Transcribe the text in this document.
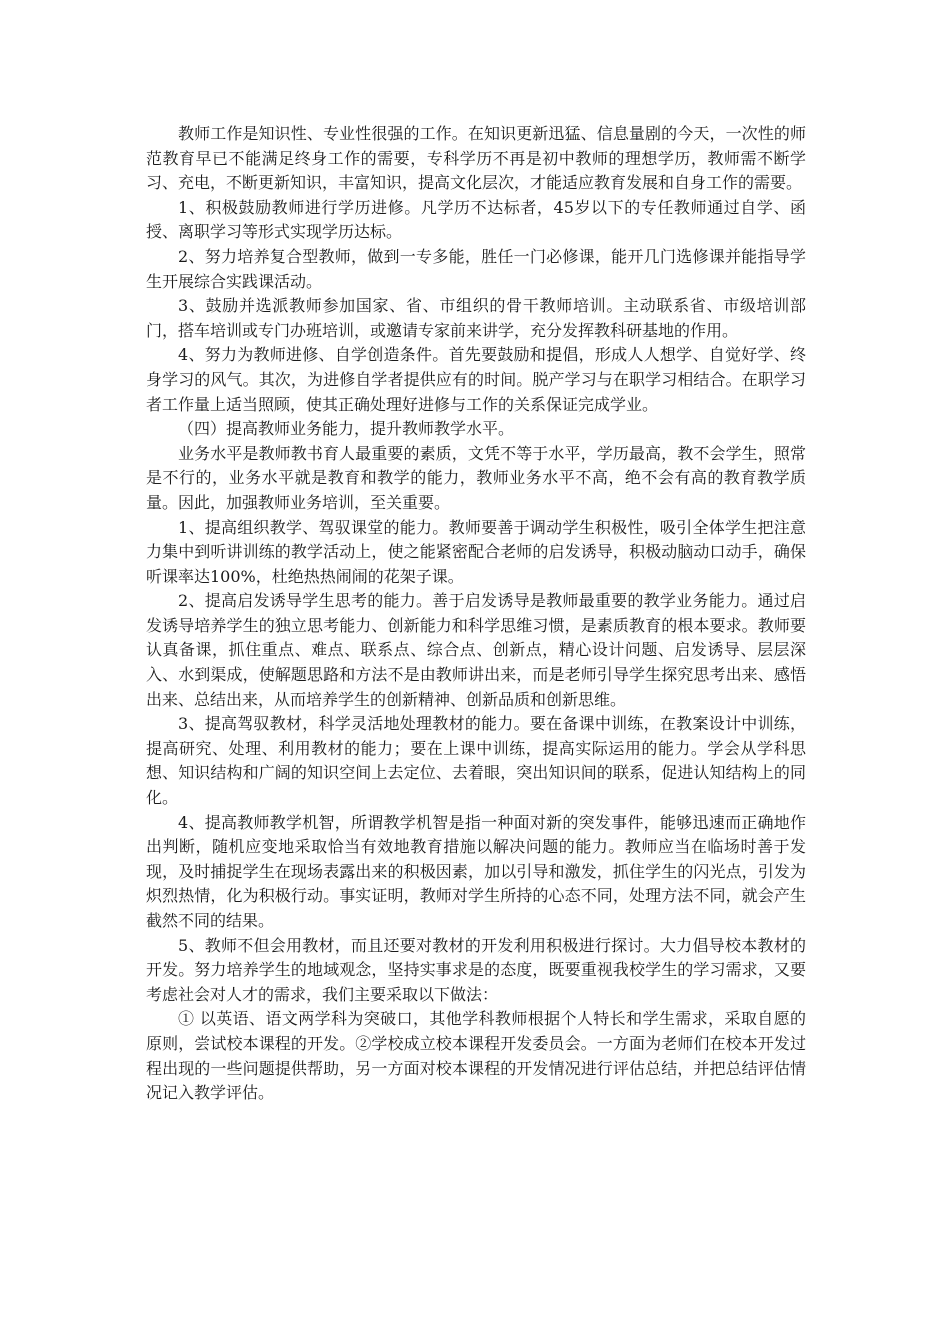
教师工作是知识性、专业性很强的工作。在知识更新迅猛、信息量剧的今天，一次性的师范教育早已不能满足终身工作的需要，专科学历不再是初中教师的理想学历，教师需不断学习、充电，不断更新知识，丰富知识，提高文化层次，才能适应教育发展和自身工作的需要。

1、积极鼓励教师进行学历进修。凡学历不达标者，45岁以下的专任教师通过自学、函授、离职学习等形式实现学历达标。

2、努力培养复合型教师，做到一专多能，胜任一门必修课，能开几门选修课并能指导学生开展综合实践课活动。

3、鼓励并选派教师参加国家、省、市组织的骨干教师培训。主动联系省、市级培训部门，搭车培训或专门办班培训，或邀请专家前来讲学，充分发挥教科研基地的作用。

4、努力为教师进修、自学创造条件。首先要鼓励和提倡，形成人人想学、自觉好学、终身学习的风气。其次，为进修自学者提供应有的时间。脱产学习与在职学习相结合。在职学习者工作量上适当照顾，使其正确处理好进修与工作的关系保证完成学业。

（四）提高教师业务能力，提升教师教学水平。

业务水平是教师教书育人最重要的素质，文凭不等于水平，学历最高，教不会学生，照常是不行的，业务水平就是教育和教学的能力，教师业务水平不高，绝不会有高的教育教学质量。因此，加强教师业务培训，至关重要。

1、提高组织教学、驾驭课堂的能力。教师要善于调动学生积极性，吸引全体学生把注意力集中到听讲训练的教学活动上，使之能紧密配合老师的启发诱导，积极动脑动口动手，确保听课率达100%，杜绝热热闹闹的花架子课。

2、提高启发诱导学生思考的能力。善于启发诱导是教师最重要的教学业务能力。通过启发诱导培养学生的独立思考能力、创新能力和科学思维习惯，是素质教育的根本要求。教师要认真备课，抓住重点、难点、联系点、综合点、创新点，精心设计问题、启发诱导、层层深入、水到渠成，使解题思路和方法不是由教师讲出来，而是老师引导学生探究思考出来、感悟出来、总结出来，从而培养学生的创新精神、创新品质和创新思维。

3、提高驾驭教材，科学灵活地处理教材的能力。要在备课中训练，在教案设计中训练，提高研究、处理、利用教材的能力；要在上课中训练，提高实际运用的能力。学会从学科思想、知识结构和广阔的知识空间上去定位、去着眼，突出知识间的联系，促进认知结构上的同化。

4、提高教师教学机智，所谓教学机智是指一种面对新的突发事件，能够迅速而正确地作出判断，随机应变地采取恰当有效地教育措施以解决问题的能力。教师应当在临场时善于发现，及时捕捉学生在现场表露出来的积极因素，加以引导和激发，抓住学生的闪光点，引发为炽烈热情，化为积极行动。事实证明，教师对学生所持的心态不同，处理方法不同，就会产生截然不同的结果。

5、教师不但会用教材，而且还要对教材的开发利用积极进行探讨。大力倡导校本教材的开发。努力培养学生的地域观念，坚持实事求是的态度，既要重视我校学生的学习需求，又要考虑社会对人才的需求，我们主要采取以下做法：

① 以英语、语文两学科为突破口，其他学科教师根据个人特长和学生需求，采取自愿的原则，尝试校本课程的开发。②学校成立校本课程开发委员会。一方面为老师们在校本开发过程出现的一些问题提供帮助，另一方面对校本课程的开发情况进行评估总结，并把总结评估情况记入教学评估。
